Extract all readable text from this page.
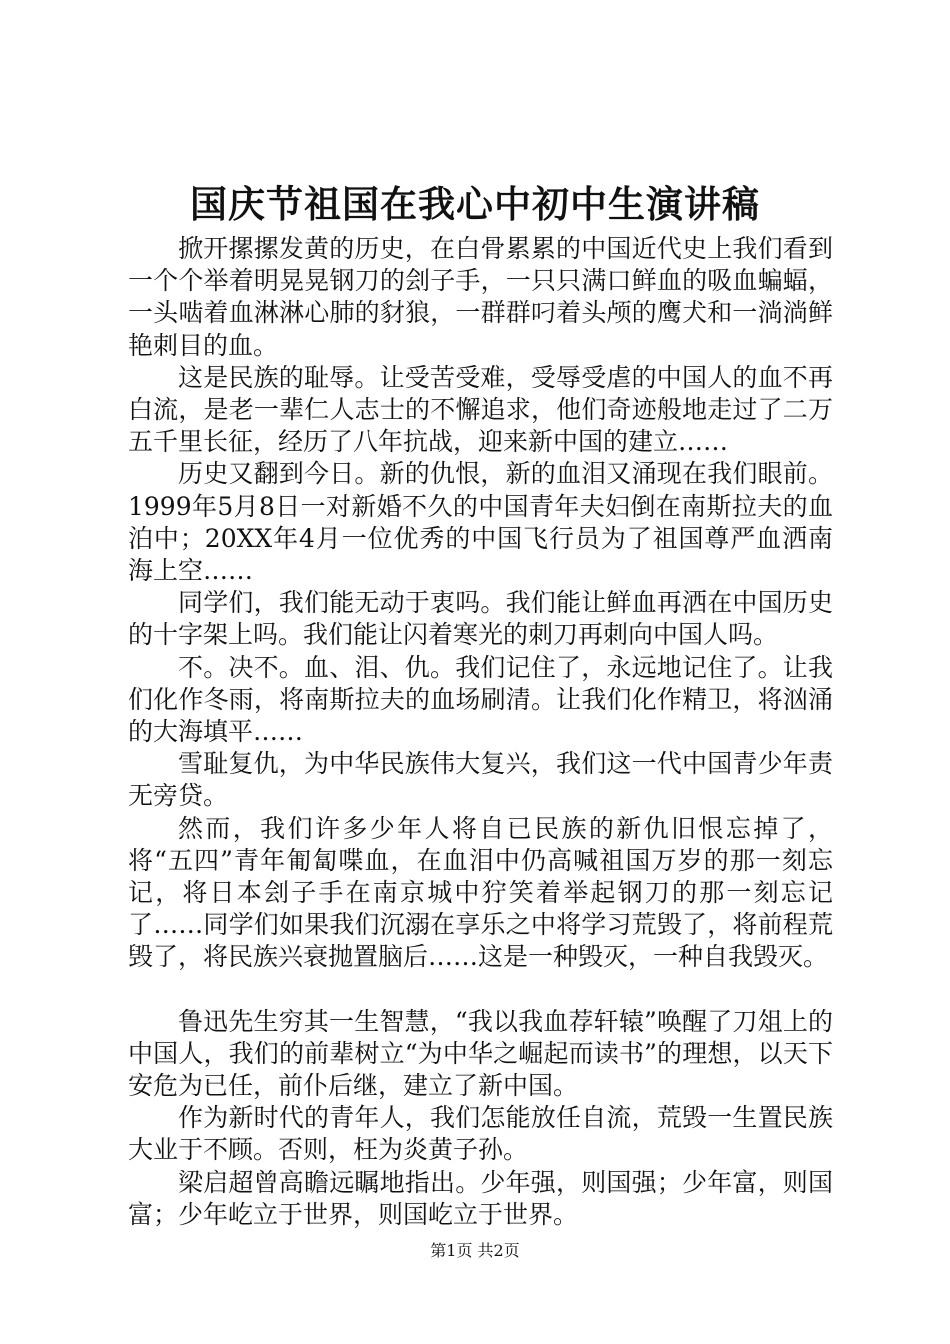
国庆节祖国在我心中初中生演讲稿

掀开摞摞发黄的历史，在白骨累累的中国近代史上我们看到一个个举着明晃晃钢刀的刽子手，一只只满口鲜血的吸血蝙蝠，一头啮着血淋淋心肺的豺狼，一群群叼着头颅的鹰犬和一淌淌鲜艳刺目的血。

这是民族的耻辱。让受苦受难，受辱受虐的中国人的血不再白流，是老一辈仁人志士的不懈追求，他们奇迹般地走过了二万五千里长征，经历了八年抗战，迎来新中国的建立……

历史又翻到今日。新的仇恨，新的血泪又涌现在我们眼前。1999年5月8日一对新婚不久的中国青年夫妇倒在南斯拉夫的血泊中；20XX年4月一位优秀的中国飞行员为了祖国尊严血洒南海上空……

同学们，我们能无动于衷吗。我们能让鲜血再洒在中国历史的十字架上吗。我们能让闪着寒光的刺刀再刺向中国人吗。

不。决不。血、泪、仇。我们记住了，永远地记住了。让我们化作冬雨，将南斯拉夫的血场刷清。让我们化作精卫，将汹涌的大海填平……

雪耻复仇，为中华民族伟大复兴，我们这一代中国青少年责无旁贷。

然而，我们许多少年人将自已民族的新仇旧恨忘掉了，将“五四”青年匍匐喋血，在血泪中仍高喊祖国万岁的那一刻忘记，将日本刽子手在南京城中狞笑着举起钢刀的那一刻忘记了……同学们如果我们沉溺在享乐之中将学习荒毁了，将前程荒毁了，将民族兴衰抛置脑后……这是一种毁灭，一种自我毁灭。

鲁迅先生穷其一生智慧，“我以我血荐轩辕”唤醒了刀俎上的中国人，我们的前辈树立“为中华之崛起而读书”的理想，以天下安危为已任，前仆后继，建立了新中国。

作为新时代的青年人，我们怎能放任自流，荒毁一生置民族大业于不顾。否则，枉为炎黄子孙。

梁启超曾高瞻远瞩地指出。少年强，则国强；少年富，则国富；少年屹立于世界，则国屹立于世界。

第1页 共2页
